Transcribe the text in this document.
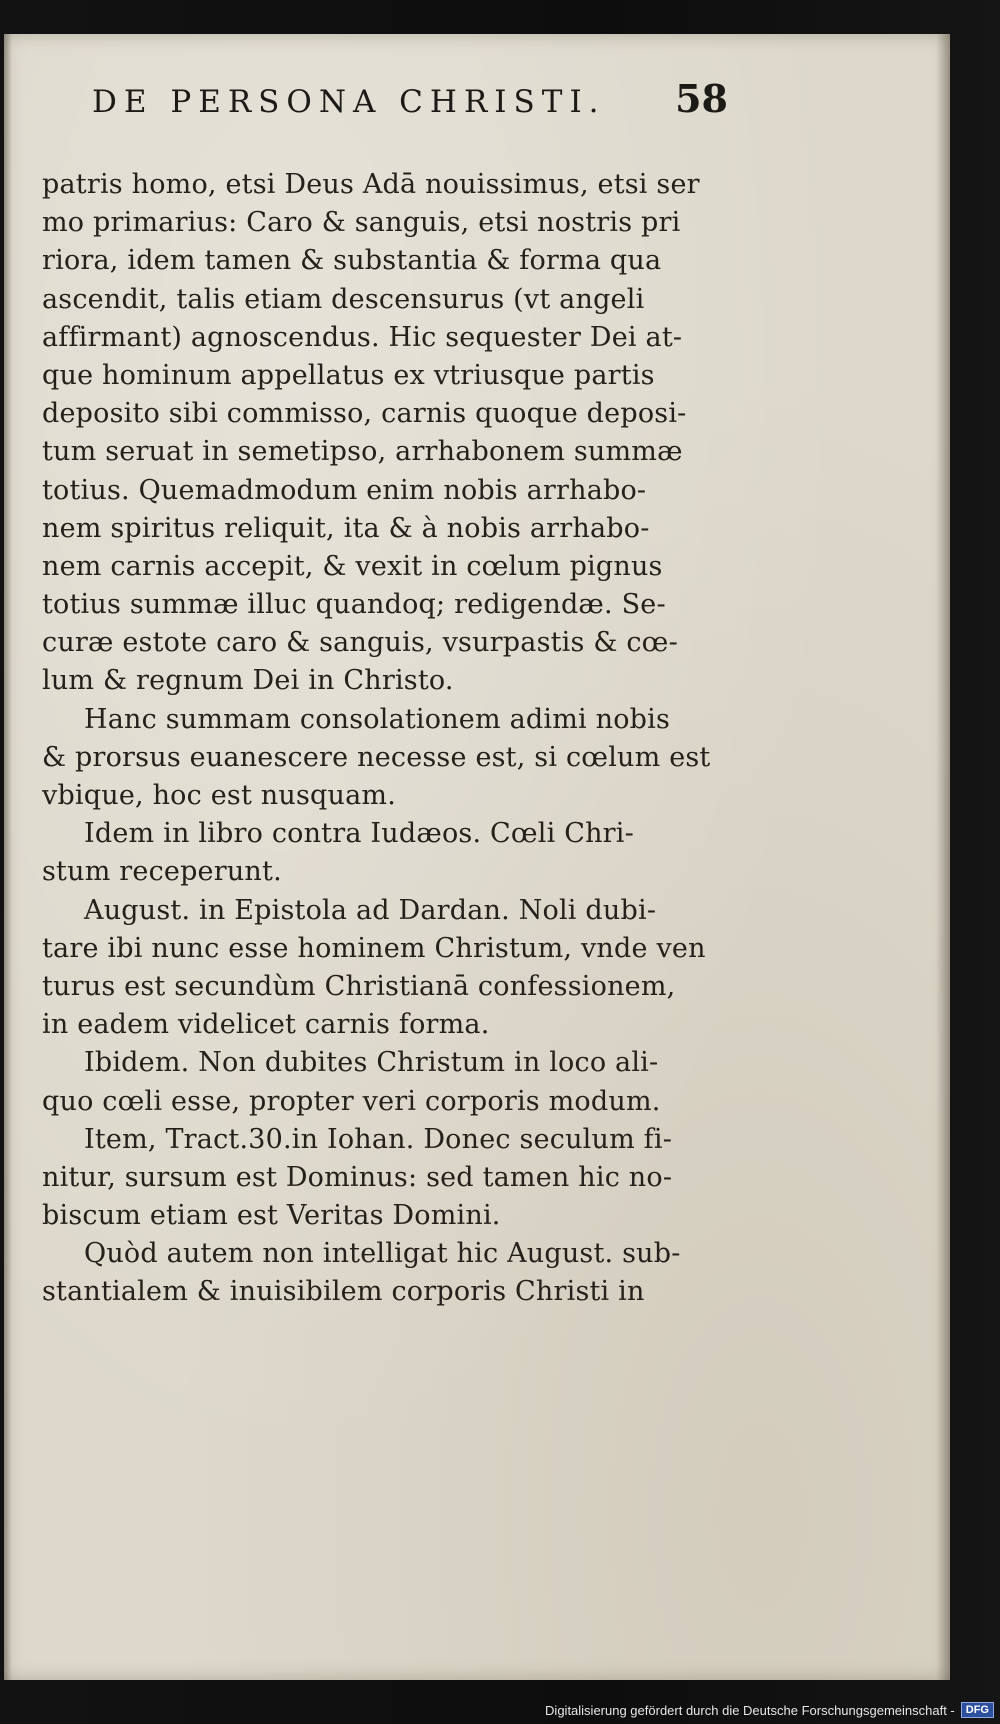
DE PERSONA CHRISTI. 58
patris homo, etsi Deus Adā nouissimus, etsi ser
mo primarius: Caro & sanguis, etsi nostris pri
riora, idem tamen & substantia & forma qua
ascendit, talis etiam descensurus (vt angeli
affirmant) agnoscendus. Hic sequester Dei at-
que hominum appellatus ex vtriusque partis
deposito sibi commisso, carnis quoque deposi-
tum seruat in semetipso, arrhabonem summæ
totius. Quemadmodum enim nobis arrhabo-
nem spiritus reliquit, ita & à nobis arrhabo-
nem carnis accepit, & vexit in cœlum pignus
totius summæ illuc quandoq; redigendæ. Se-
curæ estote caro & sanguis, vsurpastis & cœ-
lum & regnum Dei in Christo.
Hanc summam consolationem adimi nobis
& prorsus euanescere necesse est, si cœlum est
vbique, hoc est nusquam.
Idem in libro contra Iudæos. Cœli Chri-
stum receperunt.
August. in Epistola ad Dardan. Noli dubi-
tare ibi nunc esse hominem Christum, vnde ven
turus est secundùm Christianā confessionem,
in eadem videlicet carnis forma.
Ibidem. Non dubites Christum in loco ali-
quo cœli esse, propter veri corporis modum.
Item, Tract.30.in Iohan. Donec seculum fi-
nitur, sursum est Dominus: sed tamen hic no-
biscum etiam est Veritas Domini.
Quòd autem non intelligat hic August. sub-
stantialem & inuisibilem corporis Christi in
Digitalisierung gefördert durch die Deutsche Forschungsgemeinschaft -	DFG
